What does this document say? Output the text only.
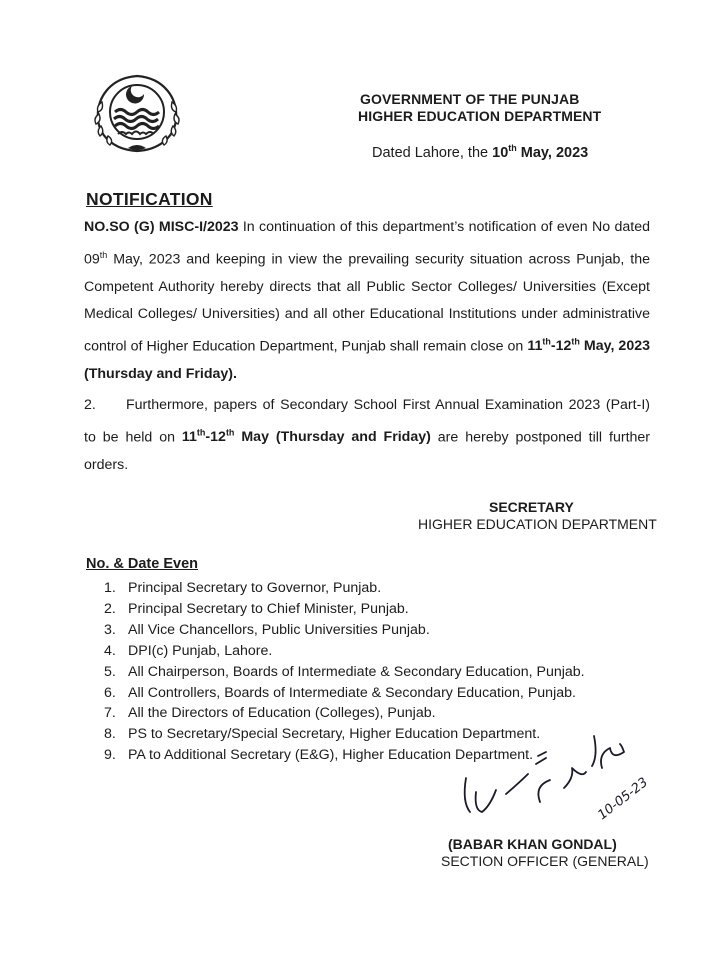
GOVERNMENT OF THE PUNJAB
HIGHER EDUCATION DEPARTMENT
Dated Lahore, the 10th May, 2023
NOTIFICATION
NO.SO (G) MISC-I/2023 In continuation of this department’s notification of even No dated 09th May, 2023 and keeping in view the prevailing security situation across Punjab, the Competent Authority hereby directs that all Public Sector Colleges/ Universities (Except Medical Colleges/ Universities) and all other Educational Institutions under administrative control of Higher Education Department, Punjab shall remain close on 11th-12th May, 2023 (Thursday and Friday).
2. Furthermore, papers of Secondary School First Annual Examination 2023 (Part-I) to be held on 11th-12th May (Thursday and Friday) are hereby postponed till further orders.
SECRETARY
HIGHER EDUCATION DEPARTMENT
No. & Date Even
1. Principal Secretary to Governor, Punjab.
2. Principal Secretary to Chief Minister, Punjab.
3. All Vice Chancellors, Public Universities Punjab.
4. DPI(c) Punjab, Lahore.
5. All Chairperson, Boards of Intermediate & Secondary Education, Punjab.
6. All Controllers, Boards of Intermediate & Secondary Education, Punjab.
7. All the Directors of Education (Colleges), Punjab.
8. PS to Secretary/Special Secretary, Higher Education Department.
9. PA to Additional Secretary (E&G), Higher Education Department.
10-05-23
(BABAR KHAN GONDAL)
SECTION OFFICER (GENERAL)
